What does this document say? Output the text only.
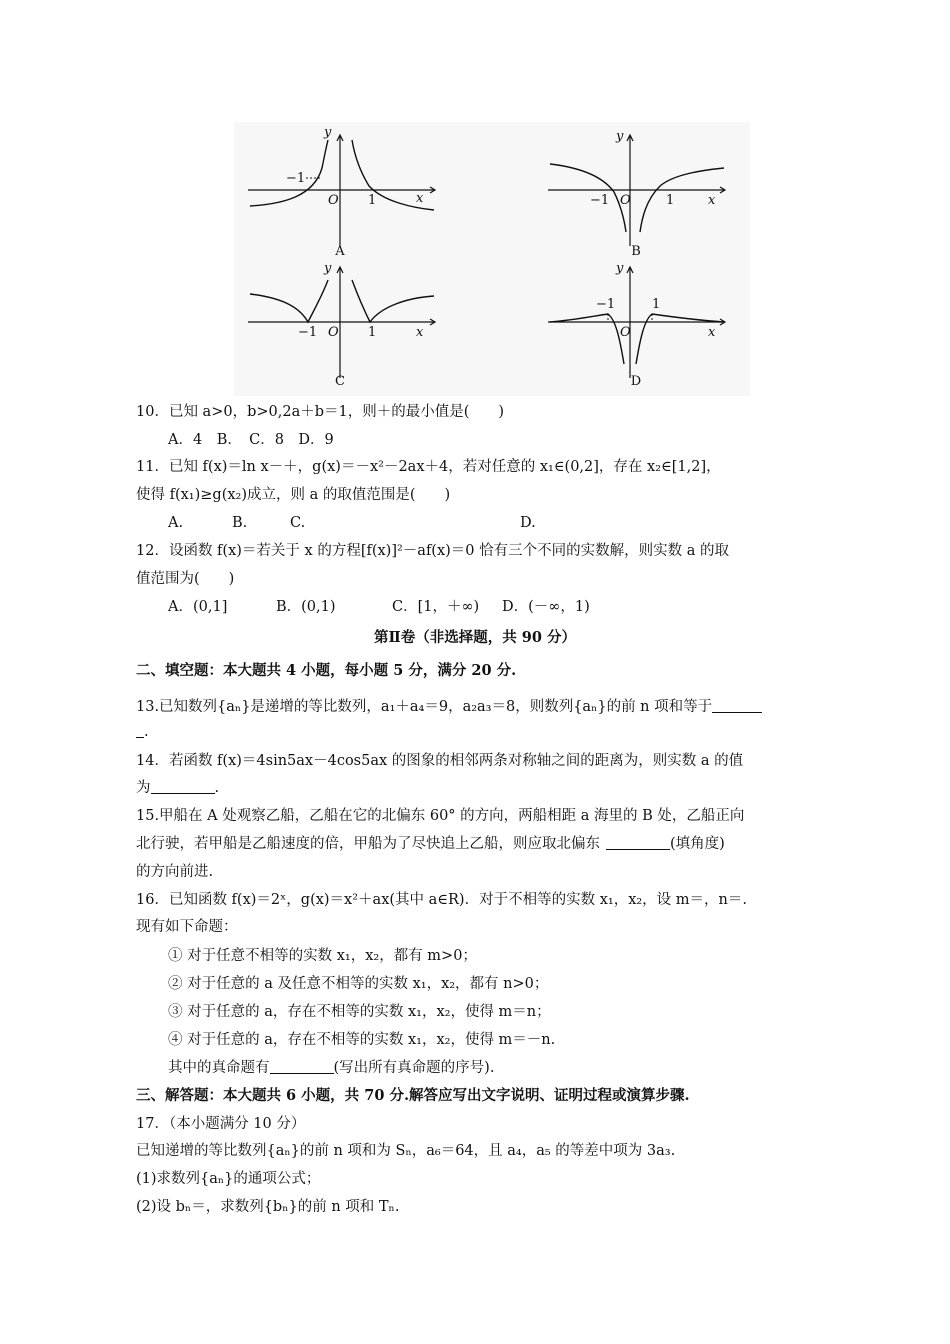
y
x
O
−1
1
A
y
x
O
−1	1
B
y
x
O
−1	1
C
y
x
O
−1	1
D
10．已知 a>0，b>0,2a＋b＝1，则＋的最小值是(　　)
A．4　B．　C．8　D．9
11．已知 f(x)＝ln x－＋，g(x)＝－x²－2ax＋4，若对任意的 x₁∈(0,2]，存在 x₂∈[1,2]，
使得 f(x₁)≥g(x₂)成立，则 a 的取值范围是(　　)
A.	B.	C.	D.
12．设函数 f(x)＝若关于 x 的方程[f(x)]²－af(x)＝0 恰有三个不同的实数解，则实数 a 的取
值范围为(　　)
A．(0,1]	B．(0,1)	C．[1，＋∞) D．(－∞，1)
第Ⅱ卷（非选择题，共 90 分）
二、填空题：本大题共 4 小题，每小题 5 分，满分 20 分.
13.已知数列{aₙ}是递增的等比数列，a₁＋a₄＝9，a₂a₃＝8，则数列{aₙ}的前 n 项和等于
.
14．若函数 f(x)＝4sin5ax－4cos5ax 的图象的相邻两条对称轴之间的距离为，则实数 a 的值
为	.
15.甲船在 A 处观察乙船，乙船在它的北偏东 60° 的方向，两船相距 a 海里的 B 处，乙船正向
北行驶，若甲船是乙船速度的倍，甲船为了尽快追上乙船，则应取北偏东	(填角度)
的方向前进.
16．已知函数 f(x)＝2ˣ，g(x)＝x²＋ax(其中 a∈R)．对于不相等的实数 x₁，x₂，设 m＝，n＝.
现有如下命题：
① 对于任意不相等的实数 x₁，x₂，都有 m>0；
② 对于任意的 a 及任意不相等的实数 x₁，x₂，都有 n>0；
③ 对于任意的 a，存在不相等的实数 x₁，x₂，使得 m＝n；
④ 对于任意的 a，存在不相等的实数 x₁，x₂，使得 m＝－n.
其中的真命题有	(写出所有真命题的序号).
三、解答题：本大题共 6 小题，共 70 分.解答应写出文字说明、证明过程或演算步骤.
17．（本小题满分 10 分）
已知递增的等比数列{aₙ}的前 n 项和为 Sₙ，a₆＝64，且 a₄，a₅ 的等差中项为 3a₃.
(1)求数列{aₙ}的通项公式；
(2)设 bₙ＝，求数列{bₙ}的前 n 项和 Tₙ.
